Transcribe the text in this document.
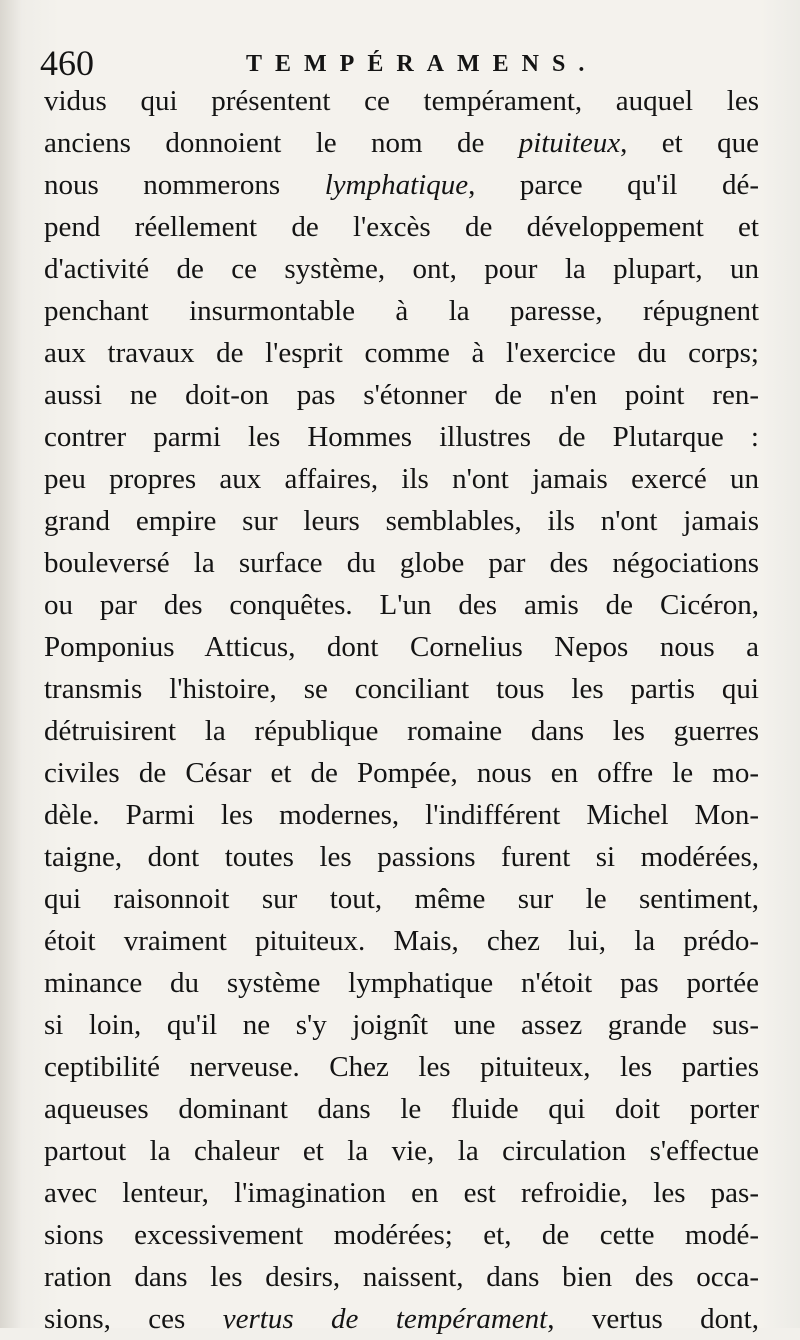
460	TEMPÉRAMENS.
vidus qui présentent ce tempérament, auquel les
anciens donnoient le nom de pituiteux, et que
nous nommerons lymphatique, parce qu'il dé-
pend réellement de l'excès de développement et
d'activité de ce système, ont, pour la plupart, un
penchant insurmontable à la paresse, répugnent
aux travaux de l'esprit comme à l'exercice du corps;
aussi ne doit-on pas s'étonner de n'en point ren-
contrer parmi les Hommes illustres de Plutarque :
peu propres aux affaires, ils n'ont jamais exercé un
grand empire sur leurs semblables, ils n'ont jamais
bouleversé la surface du globe par des négociations
ou par des conquêtes. L'un des amis de Cicéron,
Pomponius Atticus, dont Cornelius Nepos nous a
transmis l'histoire, se conciliant tous les partis qui
détruisirent la république romaine dans les guerres
civiles de César et de Pompée, nous en offre le mo-
dèle. Parmi les modernes, l'indifférent Michel Mon-
taigne, dont toutes les passions furent si modérées,
qui raisonnoit sur tout, même sur le sentiment,
étoit vraiment pituiteux. Mais, chez lui, la prédo-
minance du système lymphatique n'étoit pas portée
si loin, qu'il ne s'y joignît une assez grande sus-
ceptibilité nerveuse. Chez les pituiteux, les parties
aqueuses dominant dans le fluide qui doit porter
partout la chaleur et la vie, la circulation s'effectue
avec lenteur, l'imagination en est refroidie, les pas-
sions excessivement modérées; et, de cette modé-
ration dans les desirs, naissent, dans bien des occa-
sions, ces vertus de tempérament, vertus dont,
